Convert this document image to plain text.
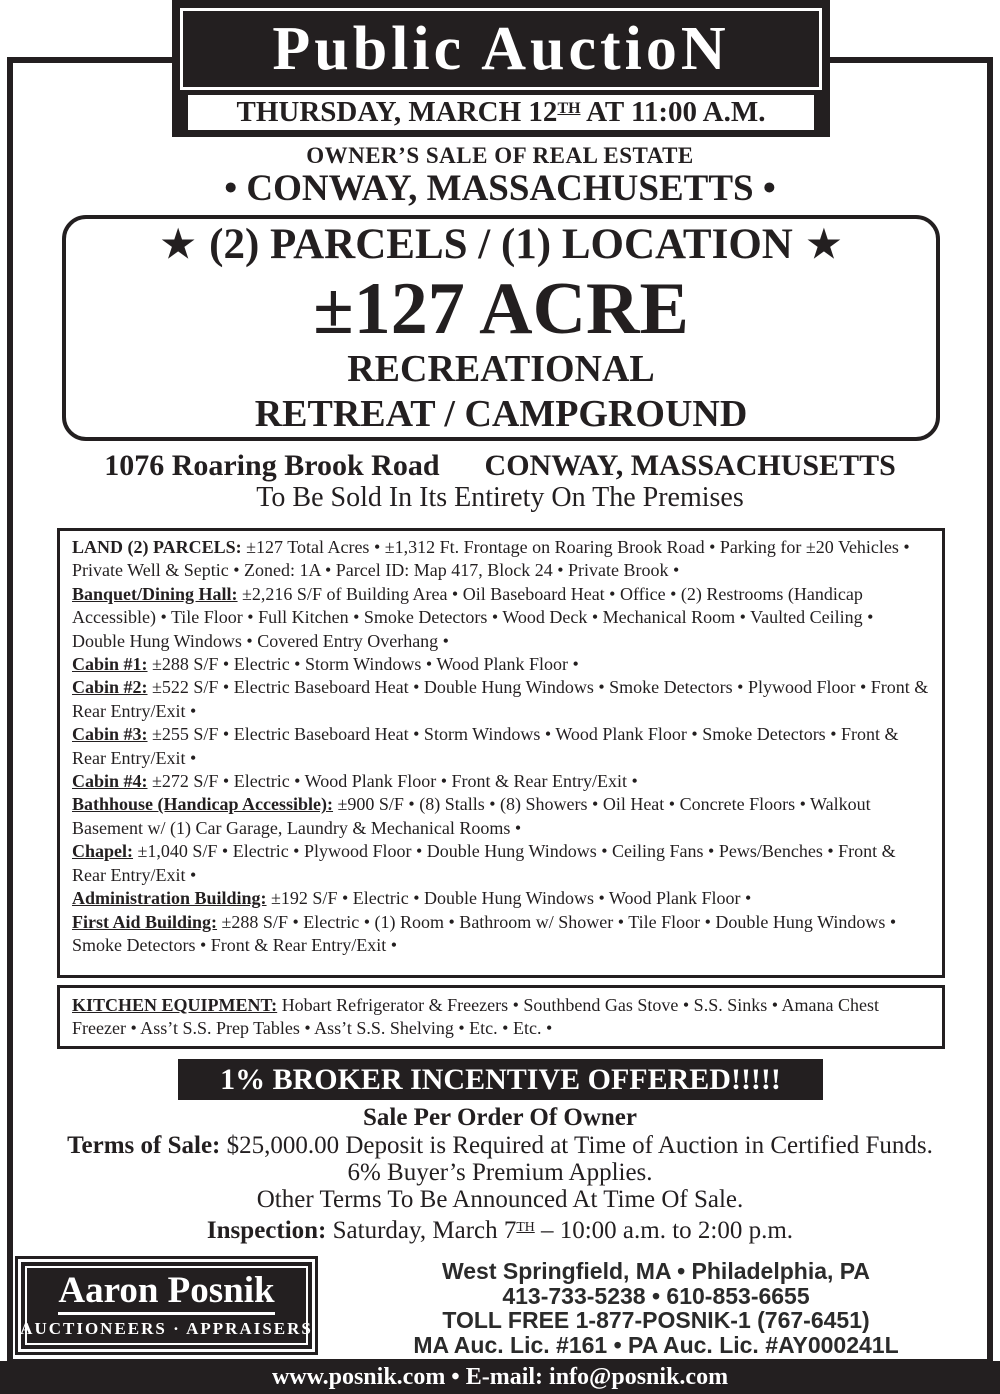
Public AuctioN
THURSDAY, MARCH 12TH AT 11:00 A.M.
OWNER’S SALE OF REAL ESTATE
• CONWAY, MASSACHUSETTS •
★ (2) PARCELS / (1) LOCATION ★
±127 ACRE
RECREATIONAL
RETREAT / CAMPGROUND
1076 Roaring Brook Road CONWAY, MASSACHUSETTS
To Be Sold In Its Entirety On The Premises

LAND (2) PARCELS: ±127 Total Acres • ±1,312 Ft. Frontage on Roaring Brook Road • Parking for ±20 Vehicles • Private Well & Septic • Zoned: 1A • Parcel ID: Map 417, Block 24 • Private Brook •

Banquet/Dining Hall: ±2,216 S/F of Building Area • Oil Baseboard Heat • Office • (2) Restrooms (Handicap Accessible) • Tile Floor • Full Kitchen • Smoke Detectors • Wood Deck • Mechanical Room • Vaulted Ceiling • Double Hung Windows • Covered Entry Overhang •

Cabin #1: ±288 S/F • Electric • Storm Windows • Wood Plank Floor •

Cabin #2: ±522 S/F • Electric Baseboard Heat • Double Hung Windows • Smoke Detectors • Plywood Floor • Front & Rear Entry/Exit •

Cabin #3: ±255 S/F • Electric Baseboard Heat • Storm Windows • Wood Plank Floor • Smoke Detectors • Front & Rear Entry/Exit •

Cabin #4: ±272 S/F • Electric • Wood Plank Floor • Front & Rear Entry/Exit •

Bathhouse (Handicap Accessible): ±900 S/F • (8) Stalls • (8) Showers • Oil Heat • Concrete Floors • Walkout Basement w/ (1) Car Garage, Laundry & Mechanical Rooms •

Chapel: ±1,040 S/F • Electric • Plywood Floor • Double Hung Windows • Ceiling Fans • Pews/Benches • Front & Rear Entry/Exit •

Administration Building: ±192 S/F • Electric • Double Hung Windows • Wood Plank Floor •

First Aid Building: ±288 S/F • Electric • (1) Room • Bathroom w/ Shower • Tile Floor • Double Hung Windows • Smoke Detectors • Front & Rear Entry/Exit •

KITCHEN EQUIPMENT: Hobart Refrigerator & Freezers • Southbend Gas Stove • S.S. Sinks • Amana Chest Freezer • Ass’t S.S. Prep Tables • Ass’t S.S. Shelving • Etc. • Etc. •

1% BROKER INCENTIVE OFFERED!!!!!
Sale Per Order Of Owner
Terms of Sale: $25,000.00 Deposit is Required at Time of Auction in Certified Funds.
6% Buyer’s Premium Applies.
Other Terms To Be Announced At Time Of Sale.
Inspection: Saturday, March 7TH – 10:00 a.m. to 2:00 p.m.
Aaron Posnik
AUCTIONEERS · APPRAISERS
West Springfield, MA • Philadelphia, PA
413-733-5238 • 610-853-6655
TOLL FREE 1-877-POSNIK-1 (767-6451)
MA Auc. Lic. #161 • PA Auc. Lic. #AY000241L
www.posnik.com • E-mail: info@posnik.com
